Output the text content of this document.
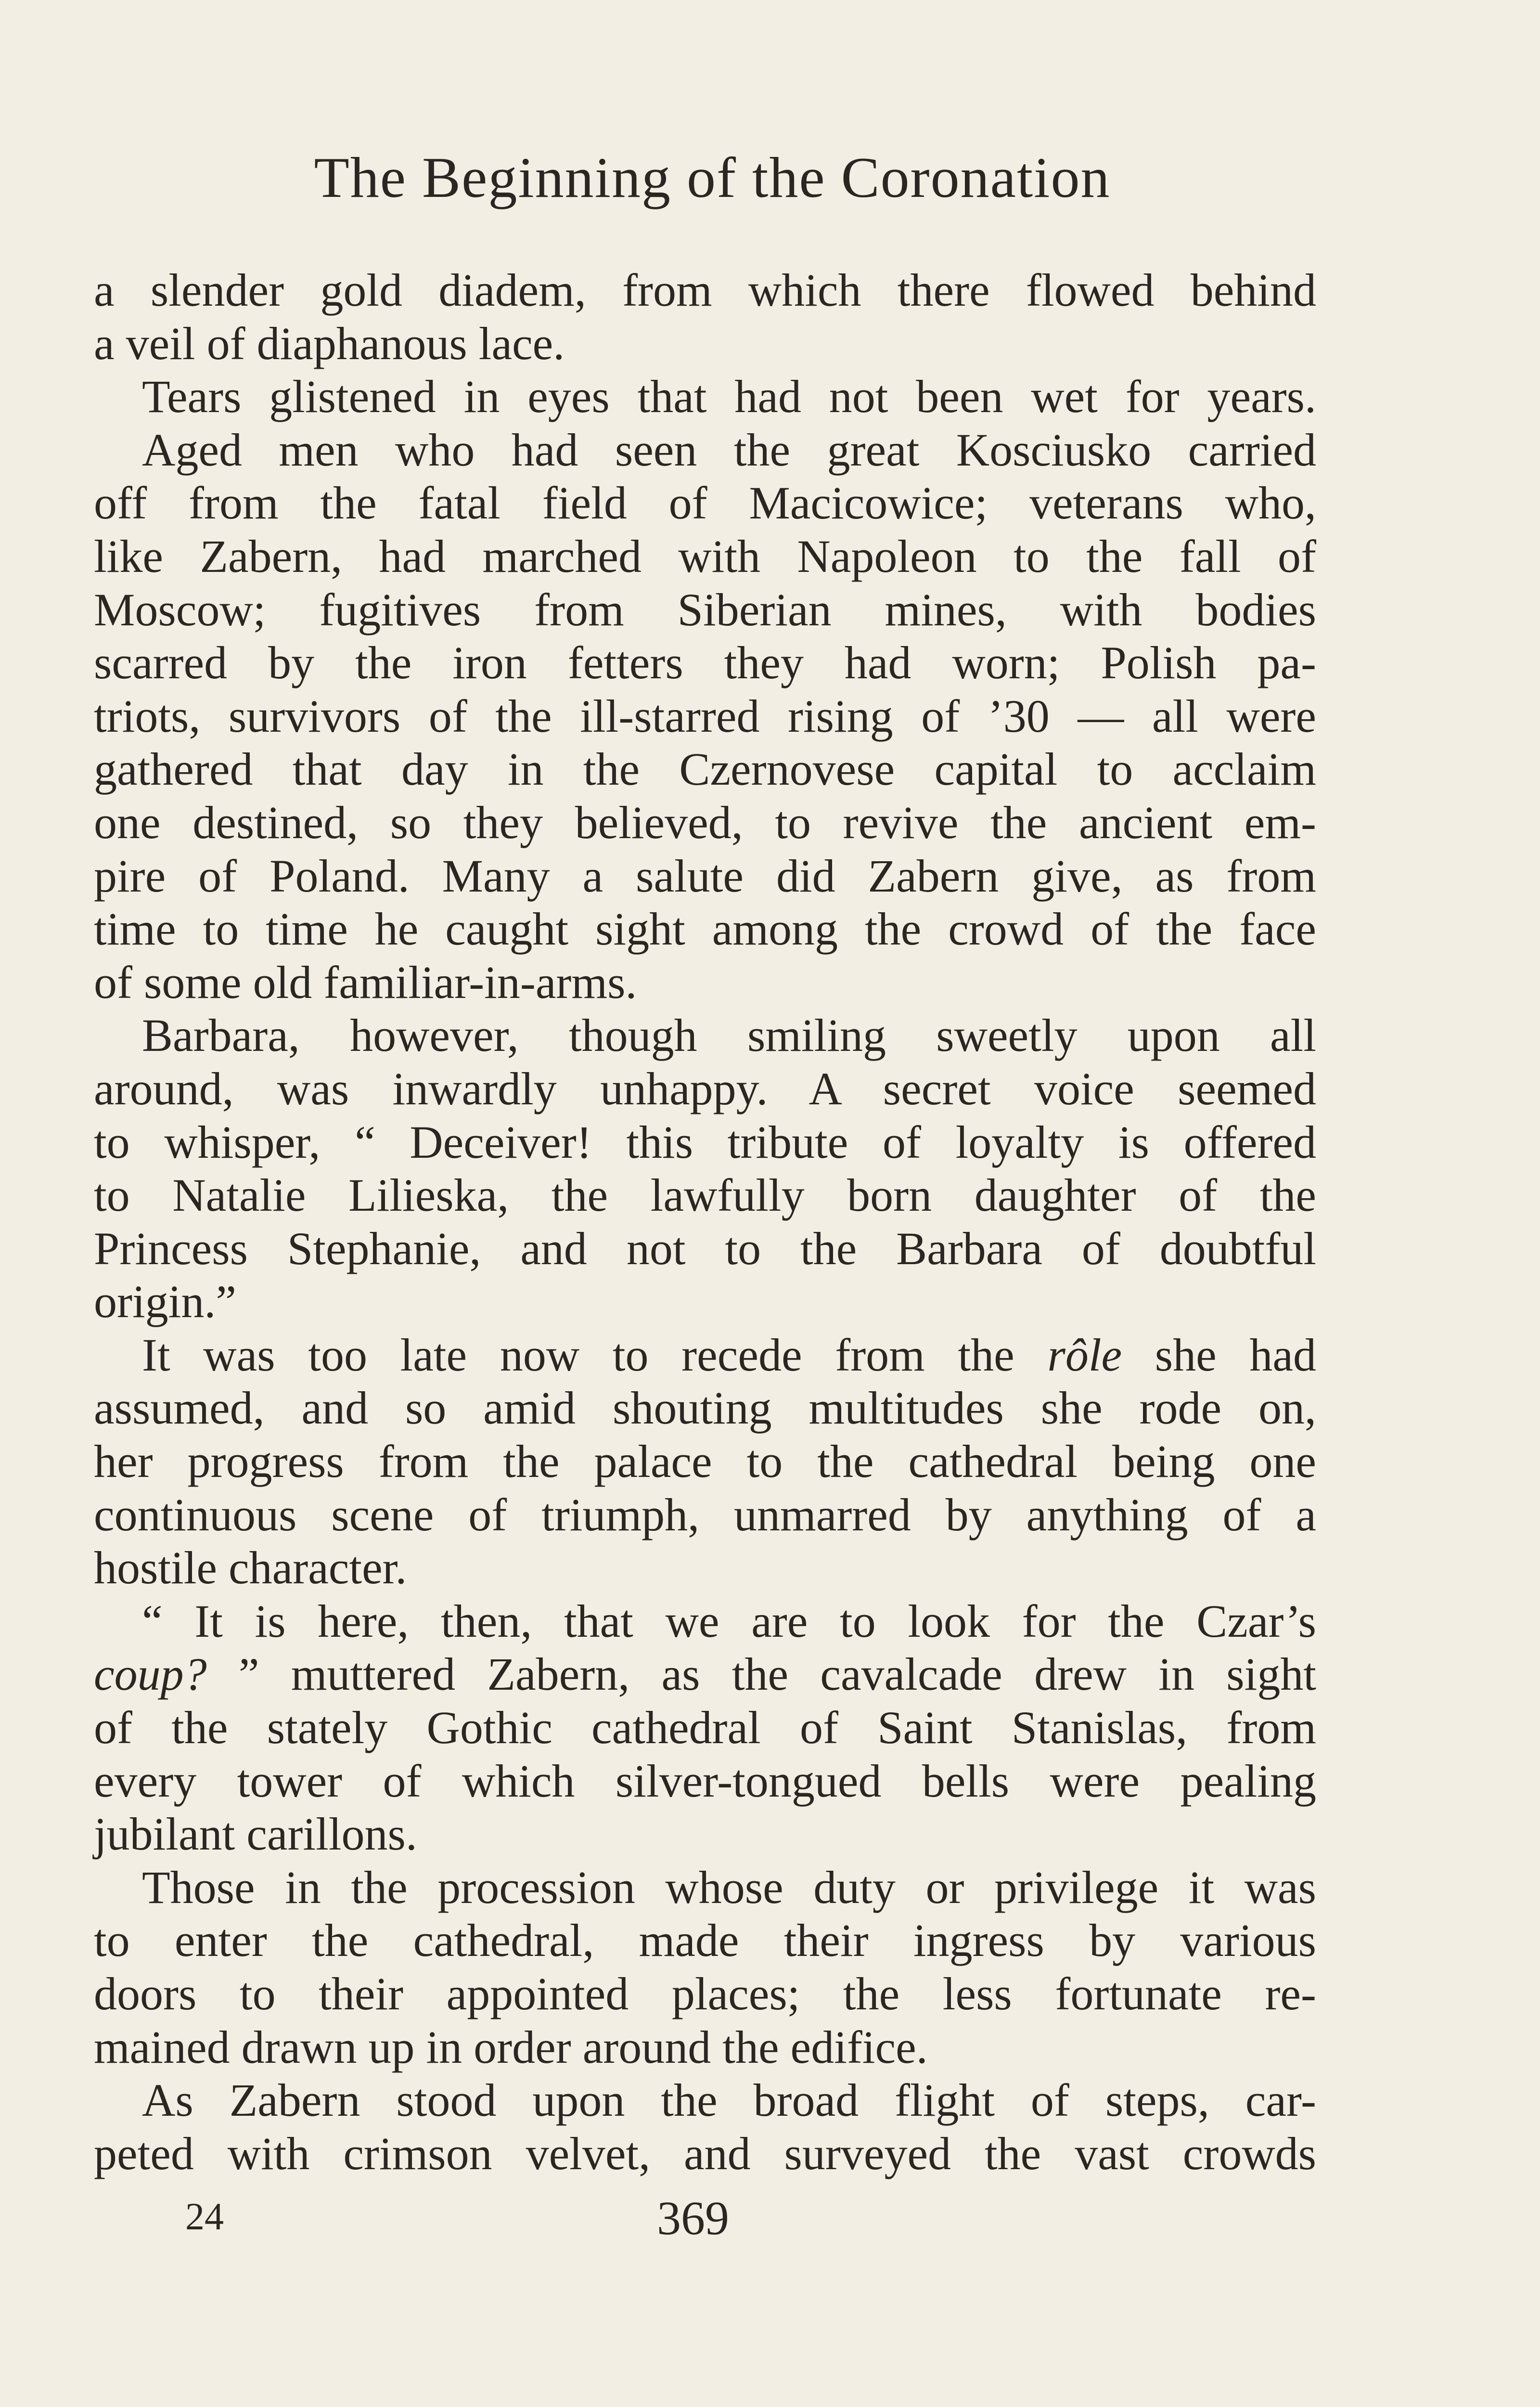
The Beginning of the Coronation
a slender gold diadem, from which there flowed behind
a veil of diaphanous lace.
Tears glistened in eyes that had not been wet for years.
Aged men who had seen the great Kosciusko carried
off from the fatal field of Macicowice; veterans who,
like Zabern, had marched with Napoleon to the fall of
Moscow; fugitives from Siberian mines, with bodies
scarred by the iron fetters they had worn; Polish pa-
triots, survivors of the ill-starred rising of ’30 — all were
gathered that day in the Czernovese capital to acclaim
one destined, so they believed, to revive the ancient em-
pire of Poland. Many a salute did Zabern give, as from
time to time he caught sight among the crowd of the face
of some old familiar-in-arms.
Barbara, however, though smiling sweetly upon all
around, was inwardly unhappy. A secret voice seemed
to whisper, “ Deceiver! this tribute of loyalty is offered
to Natalie Lilieska, the lawfully born daughter of the
Princess Stephanie, and not to the Barbara of doubtful
origin.”
It was too late now to recede from the rôle she had
assumed, and so amid shouting multitudes she rode on,
her progress from the palace to the cathedral being one
continuous scene of triumph, unmarred by anything of a
hostile character.
“ It is here, then, that we are to look for the Czar’s
coup? ” muttered Zabern, as the cavalcade drew in sight
of the stately Gothic cathedral of Saint Stanislas, from
every tower of which silver-tongued bells were pealing
jubilant carillons.
Those in the procession whose duty or privilege it was
to enter the cathedral, made their ingress by various
doors to their appointed places; the less fortunate re-
mained drawn up in order around the edifice.
As Zabern stood upon the broad flight of steps, car-
peted with crimson velvet, and surveyed the vast crowds
24	369
